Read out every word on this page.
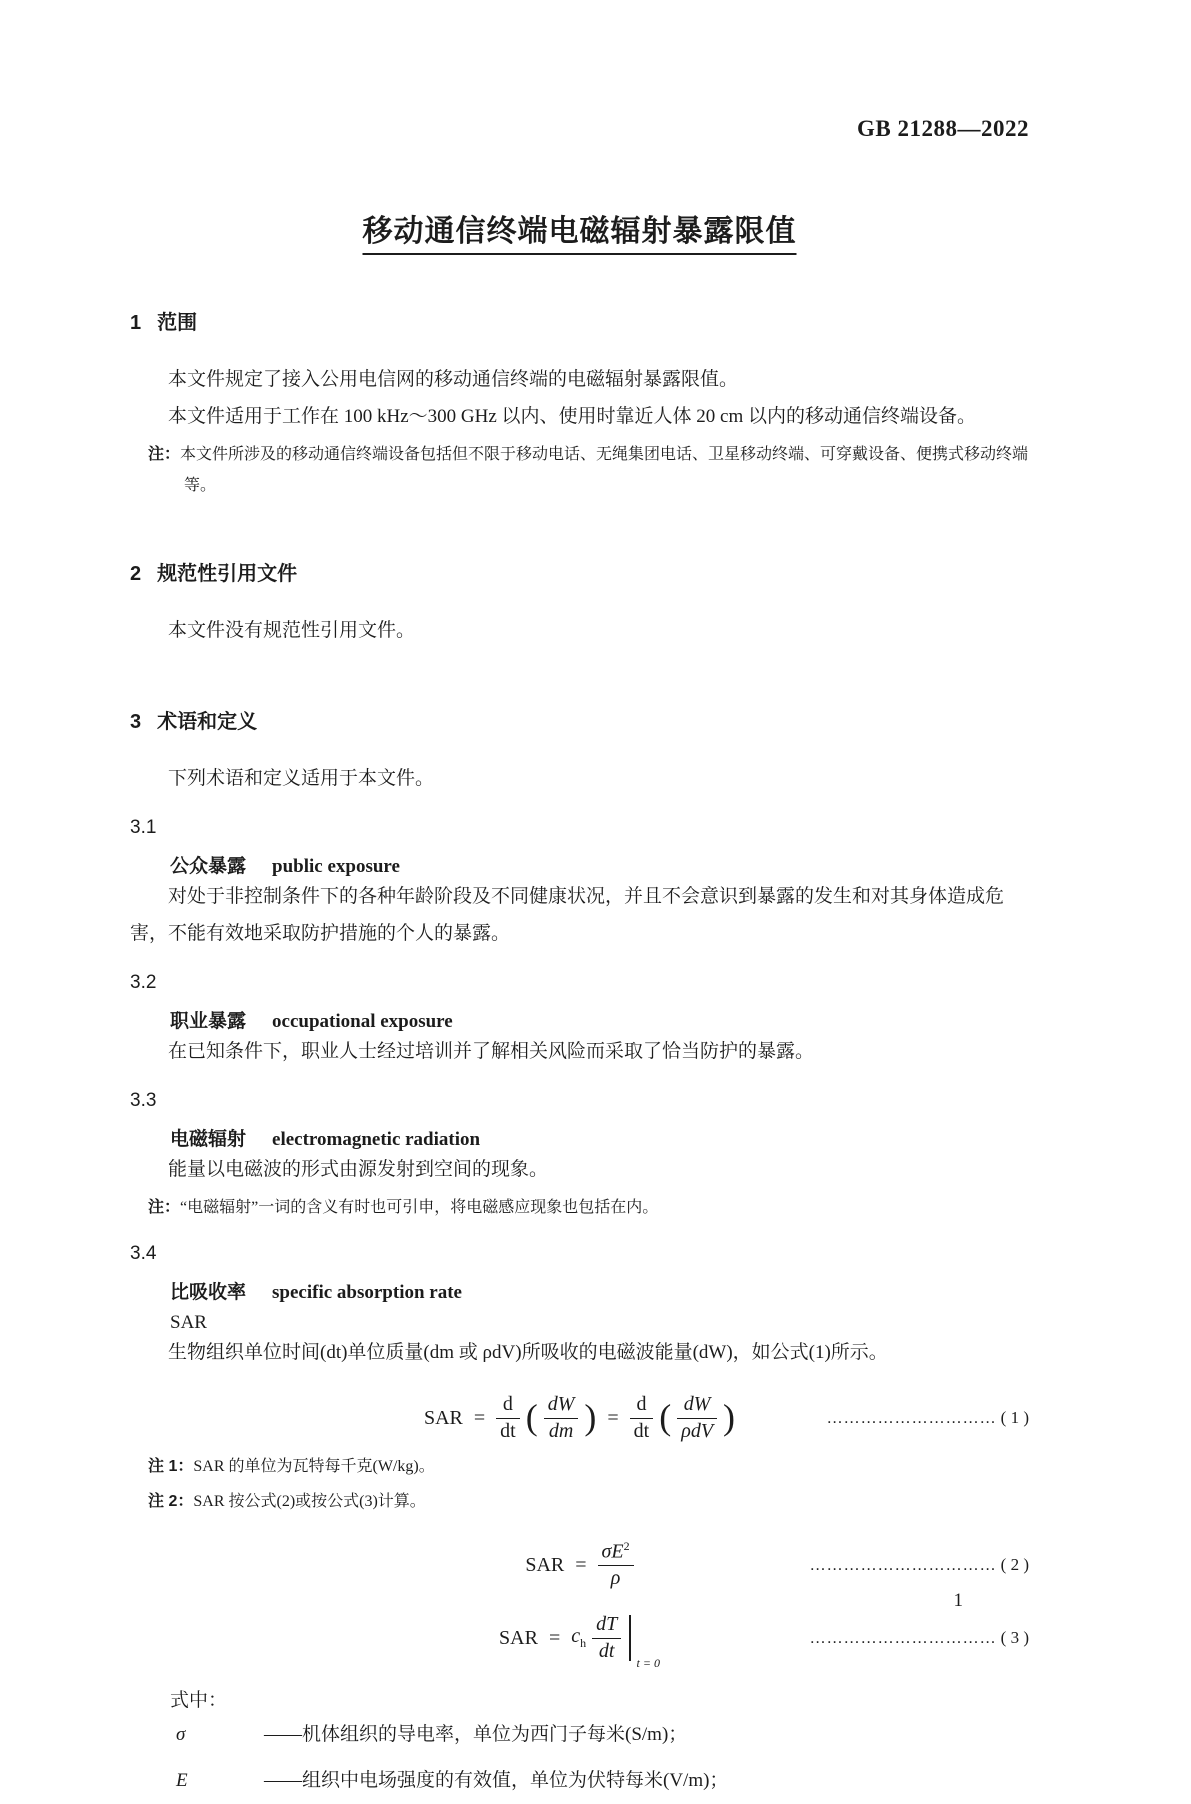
GB 21288—2022
移动通信终端电磁辐射暴露限值
1 范围

本文件规定了接入公用电信网的移动通信终端的电磁辐射暴露限值。

本文件适用于工作在 100 kHz～300 GHz 以内、使用时靠近人体 20 cm 以内的移动通信终端设备。

注：本文件所涉及的移动通信终端设备包括但不限于移动电话、无绳集团电话、卫星移动终端、可穿戴设备、便携式移动终端等。

2 规范性引用文件

本文件没有规范性引用文件。

3 术语和定义

下列术语和定义适用于本文件。

3.1
公众暴露 public exposure

对处于非控制条件下的各种年龄阶段及不同健康状况，并且不会意识到暴露的发生和对其身体造成危害，不能有效地采取防护措施的个人的暴露。

3.2
职业暴露 occupational exposure

在已知条件下，职业人士经过培训并了解相关风险而采取了恰当防护的暴露。

3.3
电磁辐射 electromagnetic radiation

能量以电磁波的形式由源发射到空间的现象。

注：“电磁辐射”一词的含义有时也可引申，将电磁感应现象也包括在内。

3.4
比吸收率 specific absorption rate
SAR

生物组织单位时间(dt)单位质量(dm 或 ρdV)所吸收的电磁波能量(dW)，如公式(1)所示。

SAR = $\frac{d}{dt}$ ( $\frac{dW}{dm}$ ) = $\frac{d}{dt}$ ( $\frac{dW}{\text{ρdV}}$ )	………………………… ( 1 )

注 1：SAR 的单位为瓦特每千克(W/kg)。

注 2：SAR 按公式(2)或按公式(3)计算。

SAR = $\frac{\sigma E^2}{\rho}$	…………………………… ( 2 )
SAR = $c_h \frac{dT}{dt}$ t = 0
…………………………… ( 3 )

式中：

σ	——机体组织的导电率，单位为西门子每米(S/m)；
E	——组织中电场强度的有效值，单位为伏特每米(V/m)；
1
